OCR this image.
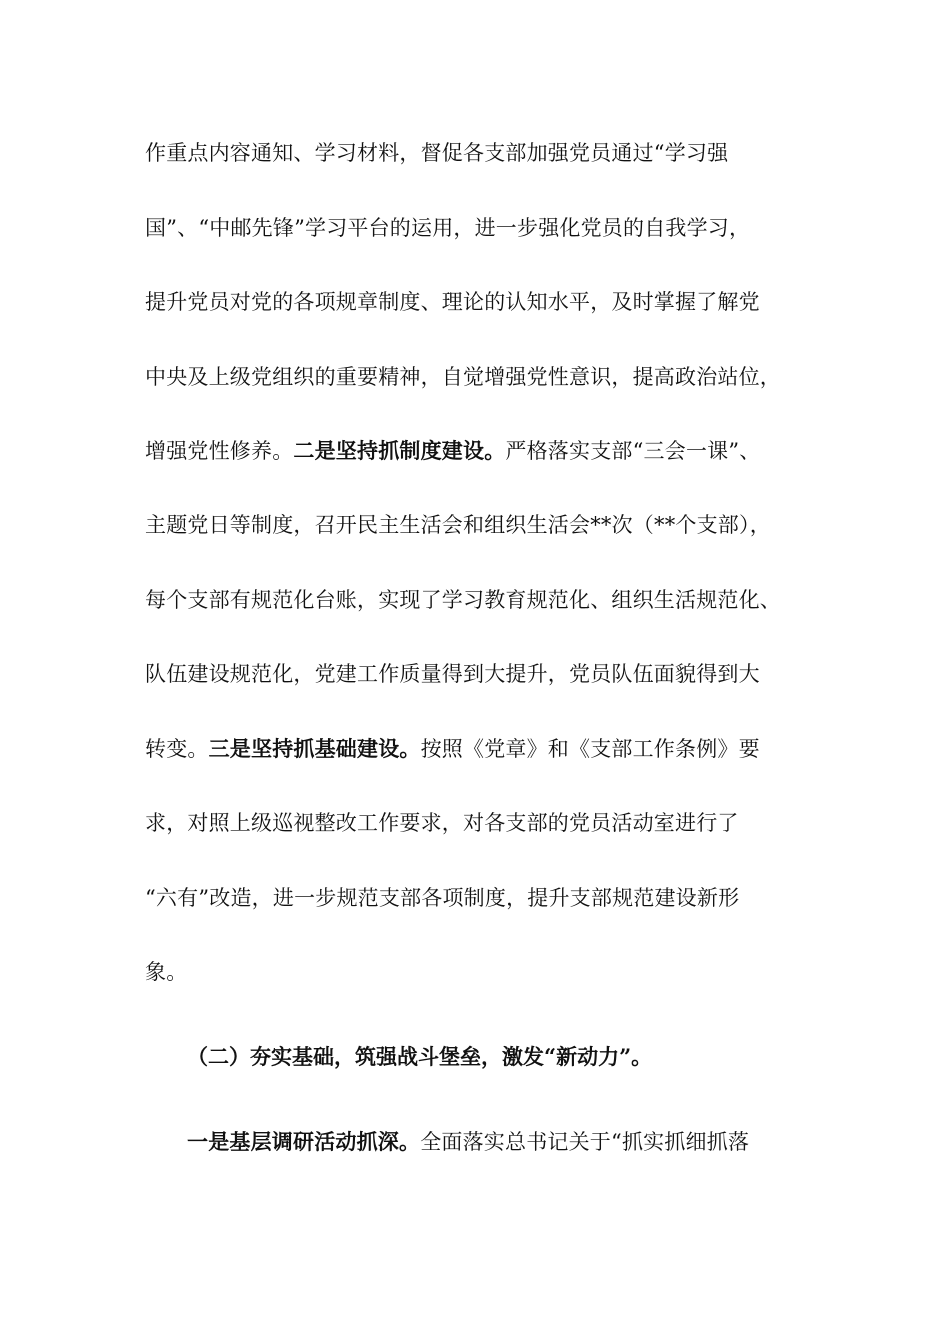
作重点内容通知、学习材料，督促各支部加强党员通过“学习强
国”、“中邮先锋”学习平台的运用，进一步强化党员的自我学习，
提升党员对党的各项规章制度、理论的认知水平，及时掌握了解党
中央及上级党组织的重要精神，自觉增强党性意识，提高政治站位，
增强党性修养。二是坚持抓制度建设。严格落实支部“三会一课”、
主题党日等制度，召开民主生活会和组织生活会**次（**个支部），
每个支部有规范化台账，实现了学习教育规范化、组织生活规范化、
队伍建设规范化，党建工作质量得到大提升，党员队伍面貌得到大
转变。三是坚持抓基础建设。按照《党章》和《支部工作条例》要
求，对照上级巡视整改工作要求，对各支部的党员活动室进行了
“六有”改造，进一步规范支部各项制度，提升支部规范建设新形
象。
（二）夯实基础，筑强战斗堡垒，激发“新动力”。
一是基层调研活动抓深。全面落实总书记关于“抓实抓细抓落
